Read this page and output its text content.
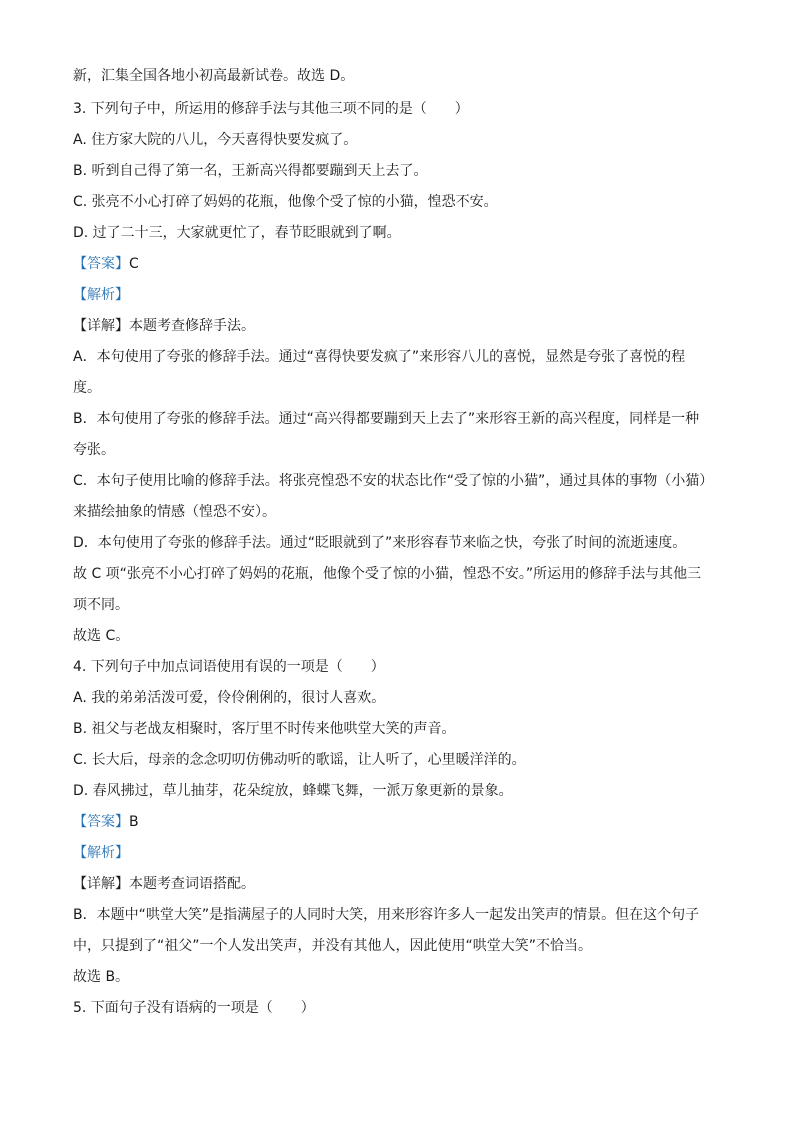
新，汇集全国各地小初高最新试卷。故选 D。
3. 下列句子中，所运用的修辞手法与其他三项不同的是（　　）
A. 住方家大院的八儿，今天喜得快要发疯了。
B. 听到自己得了第一名，王新高兴得都要蹦到天上去了。
C. 张亮不小心打碎了妈妈的花瓶，他像个受了惊的小猫，惶恐不安。
D. 过了二十三，大家就更忙了，春节眨眼就到了啊。
【答案】C
【解析】
【详解】本题考查修辞手法。
A．本句使用了夸张的修辞手法。通过“喜得快要发疯了”来形容八儿的喜悦，显然是夸张了喜悦的程
度。
B．本句使用了夸张的修辞手法。通过“高兴得都要蹦到天上去了”来形容王新的高兴程度，同样是一种
夸张。
C．本句子使用比喻的修辞手法。将张亮惶恐不安的状态比作“受了惊的小猫”，通过具体的事物（小猫）
来描绘抽象的情感（惶恐不安）。
D．本句使用了夸张的修辞手法。通过“眨眼就到了”来形容春节来临之快，夸张了时间的流逝速度。
故 C 项“张亮不小心打碎了妈妈的花瓶，他像个受了惊的小猫，惶恐不安。”所运用的修辞手法与其他三
项不同。
故选 C。
4. 下列句子中加点词语使用有误的一项是（　　）
A. 我的弟弟活泼可爱，伶伶俐俐的，很讨人喜欢。
B. 祖父与老战友相聚时，客厅里不时传来他哄堂大笑的声音。
C. 长大后，母亲的念念叨叨仿佛动听的歌谣，让人听了，心里暖洋洋的。
D. 春风拂过，草儿抽芽，花朵绽放，蜂蝶飞舞，一派万象更新的景象。
【答案】B
【解析】
【详解】本题考查词语搭配。
B．本题中“哄堂大笑”是指满屋子的人同时大笑，用来形容许多人一起发出笑声的情景。但在这个句子
中，只提到了“祖父”一个人发出笑声，并没有其他人，因此使用“哄堂大笑”不恰当。
故选 B。
5. 下面句子没有语病的一项是（　　）
